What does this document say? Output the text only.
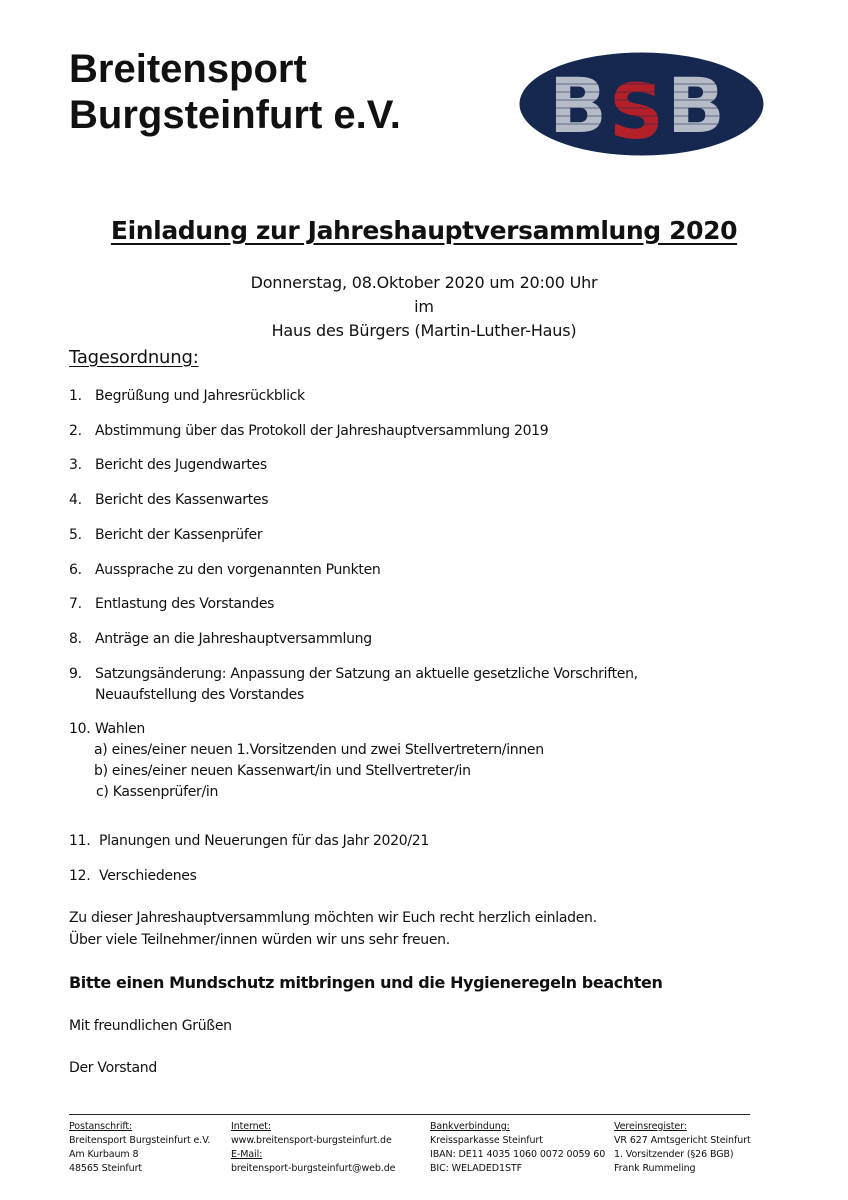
Breitensport
Burgsteinfurt e.V. B S B
Einladung zur Jahreshauptversammlung 2020
Donnerstag, 08.Oktober 2020 um 20:00 Uhr
im
Haus des Bürgers (Martin-Luther-Haus)
Tagesordnung:
1. Begrüßung und Jahresrückblick
2. Abstimmung über das Protokoll der Jahreshauptversammlung 2019
3. Bericht des Jugendwartes
4. Bericht des Kassenwartes
5. Bericht der Kassenprüfer
6. Aussprache zu den vorgenannten Punkten
7. Entlastung des Vorstandes
8. Anträge an die Jahreshauptversammlung
9. Satzungsänderung: Anpassung der Satzung an aktuelle gesetzliche Vorschriften,
Neuaufstellung des Vorstandes
10. Wahlen
a) eines/einer neuen 1.Vorsitzenden und zwei Stellvertretern/innen
b) eines/einer neuen Kassenwart/in und Stellvertreter/in
c) Kassenprüfer/in
11. Planungen und Neuerungen für das Jahr 2020/21
12. Verschiedenes
Zu dieser Jahreshauptversammlung möchten wir Euch recht herzlich einladen.
Über viele Teilnehmer/innen würden wir uns sehr freuen.
Bitte einen Mundschutz mitbringen und die Hygieneregeln beachten
Mit freundlichen Grüßen
Der Vorstand
Postanschrift:
Breitensport Burgsteinfurt e.V.
Am Kurbaum 8
48565 Steinfurt
Internet:
www.breitensport-burgsteinfurt.de
E-Mail:
breitensport-burgsteinfurt@web.de
Bankverbindung:
Kreissparkasse Steinfurt
IBAN: DE11 4035 1060 0072 0059 60
BIC: WELADED1STF
Vereinsregister:
VR 627 Amtsgericht Steinfurt
1. Vorsitzender (§26 BGB)
Frank Rummeling
